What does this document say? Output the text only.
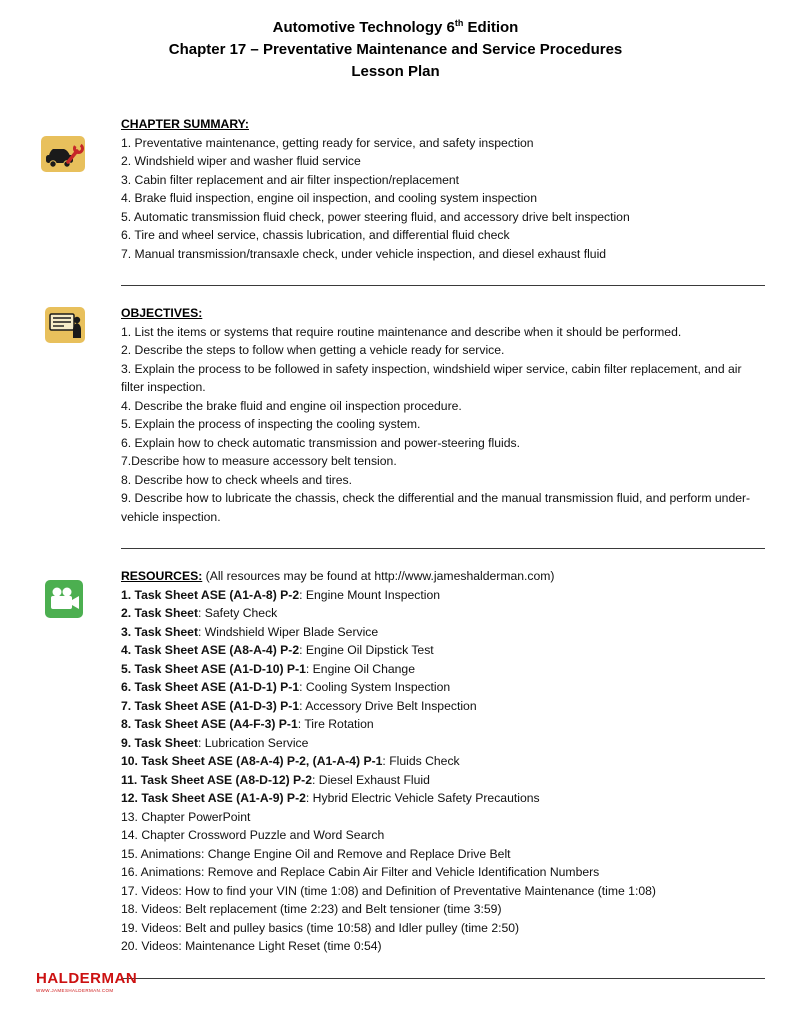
Automotive Technology 6th Edition
Chapter 17 – Preventative Maintenance and Service Procedures
Lesson Plan
CHAPTER SUMMARY:
1. Preventative maintenance, getting ready for service, and safety inspection
2. Windshield wiper and washer fluid service
3. Cabin filter replacement and air filter inspection/replacement
4. Brake fluid inspection, engine oil inspection, and cooling system inspection
5. Automatic transmission fluid check, power steering fluid, and accessory drive belt inspection
6. Tire and wheel service, chassis lubrication, and differential fluid check
7. Manual transmission/transaxle check, under vehicle inspection, and diesel exhaust fluid
OBJECTIVES:
1. List the items or systems that require routine maintenance and describe when it should be performed.
2. Describe the steps to follow when getting a vehicle ready for service.
3. Explain the process to be followed in safety inspection, windshield wiper service, cabin filter replacement, and air filter inspection.
4. Describe the brake fluid and engine oil inspection procedure.
5. Explain the process of inspecting the cooling system.
6. Explain how to check automatic transmission and power-steering fluids.
7.Describe how to measure accessory belt tension.
8. Describe how to check wheels and tires.
9. Describe how to lubricate the chassis, check the differential and the manual transmission fluid, and perform under-vehicle inspection.
RESOURCES: (All resources may be found at http://www.jameshalderman.com)
1. Task Sheet ASE (A1-A-8) P-2: Engine Mount Inspection
2. Task Sheet: Safety Check
3. Task Sheet: Windshield Wiper Blade Service
4. Task Sheet ASE (A8-A-4) P-2: Engine Oil Dipstick Test
5. Task Sheet ASE (A1-D-10) P-1: Engine Oil Change
6. Task Sheet ASE (A1-D-1) P-1: Cooling System Inspection
7. Task Sheet ASE (A1-D-3) P-1: Accessory Drive Belt Inspection
8. Task Sheet ASE (A4-F-3) P-1: Tire Rotation
9. Task Sheet: Lubrication Service
10. Task Sheet ASE (A8-A-4) P-2, (A1-A-4) P-1: Fluids Check
11. Task Sheet ASE (A8-D-12) P-2: Diesel Exhaust Fluid
12. Task Sheet ASE (A1-A-9) P-2: Hybrid Electric Vehicle Safety Precautions
13. Chapter PowerPoint
14. Chapter Crossword Puzzle and Word Search
15. Animations: Change Engine Oil and Remove and Replace Drive Belt
16. Animations: Remove and Replace Cabin Air Filter and Vehicle Identification Numbers
17. Videos: How to find your VIN (time 1:08) and Definition of Preventative Maintenance (time 1:08)
18. Videos: Belt replacement (time 2:23) and Belt tensioner (time 3:59)
19. Videos: Belt and pulley basics (time 10:58) and Idler pulley (time 2:50)
20. Videos: Maintenance Light Reset (time 0:54)
HALDERMAN
WWW.JAMESHALDERMAN.COM
